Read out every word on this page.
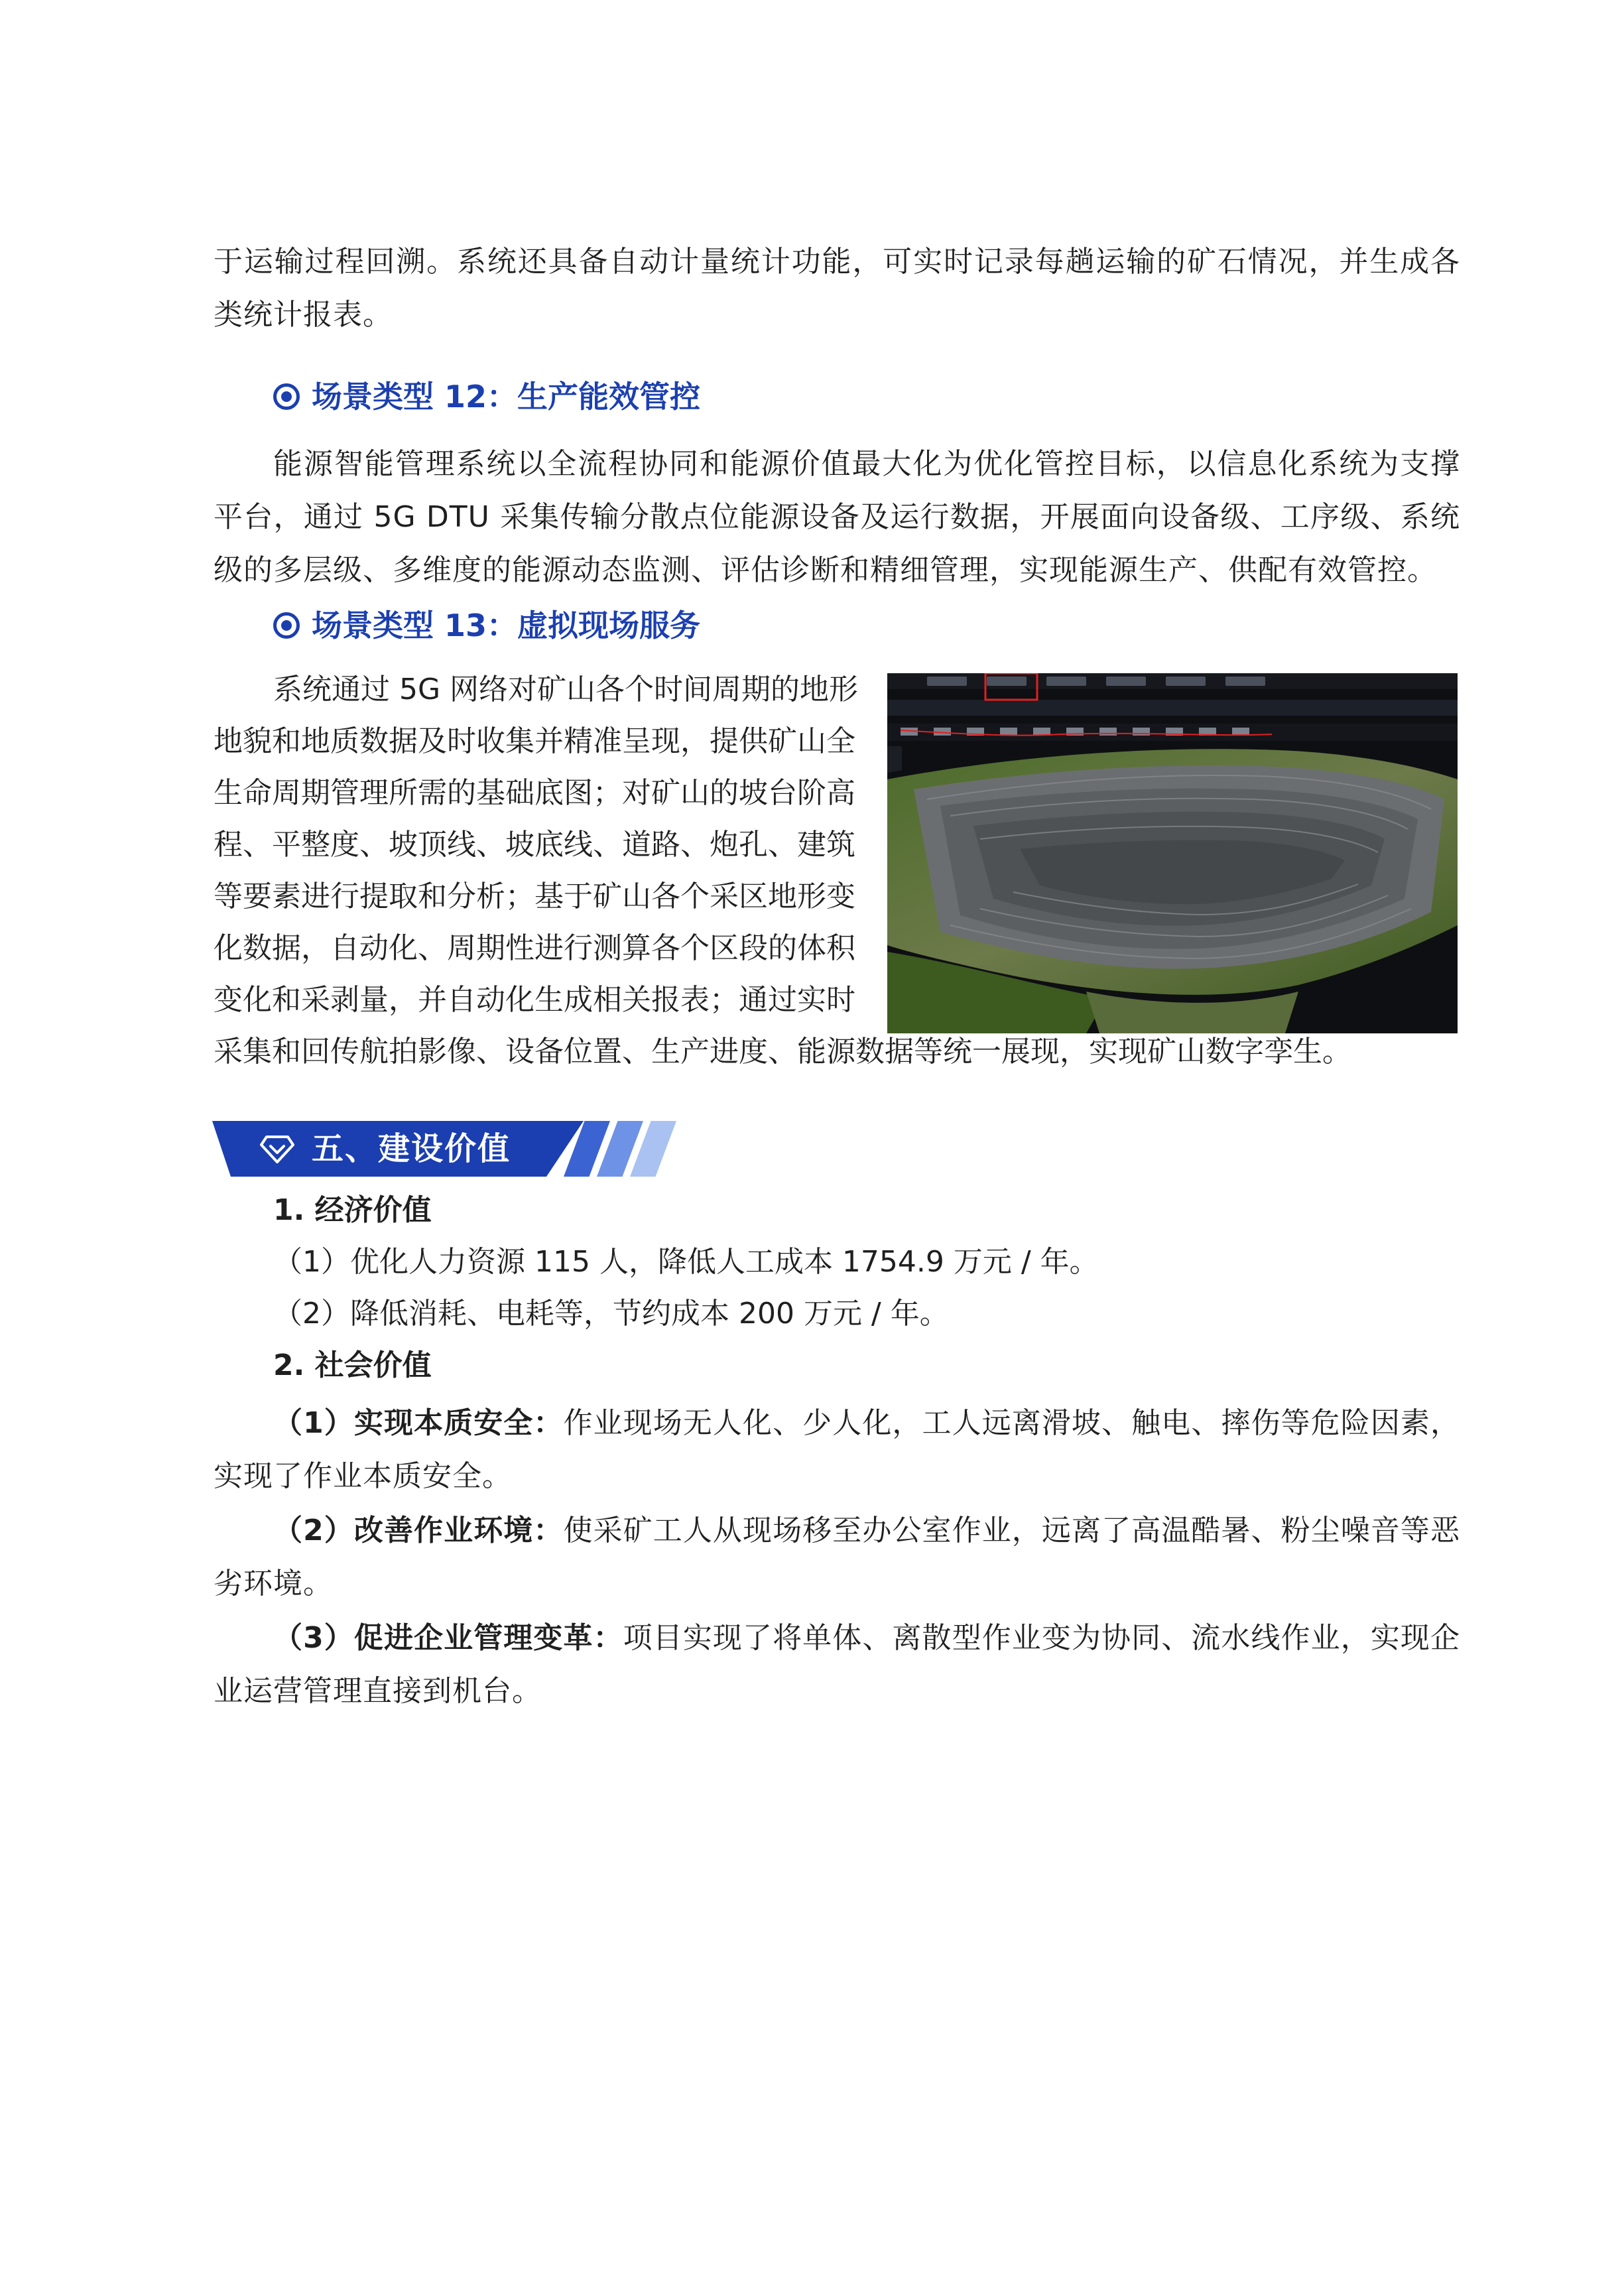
于运输过程回溯。系统还具备自动计量统计功能，可实时记录每趟运输的矿石情况，并生成各类统计报表。

场景类型 12：生产能效管控

能源智能管理系统以全流程协同和能源价值最大化为优化管控目标，以信息化系统为支撑平台，通过 5G DTU 采集传输分散点位能源设备及运行数据，开展面向设备级、工序级、系统级的多层级、多维度的能源动态监测、评估诊断和精细管理，实现能源生产、供配有效管控。

场景类型 13：虚拟现场服务

系统通过 5G 网络对矿山各个时间周期的地形

地貌和地质数据及时收集并精准呈现，提供矿山全

生命周期管理所需的基础底图；对矿山的坡台阶高

程、平整度、坡顶线、坡底线、道路、炮孔、建筑

等要素进行提取和分析；基于矿山各个采区地形变

化数据，自动化、周期性进行测算各个区段的体积

变化和采剥量，并自动化生成相关报表；通过实时

采集和回传航拍影像、设备位置、生产进度、能源数据等统一展现，实现矿山数字孪生。

五、建设价值

1. 经济价值

（1）优化人力资源 115 人，降低人工成本 1754.9 万元 / 年。

（2）降低消耗、电耗等，节约成本 200 万元 / 年。

2. 社会价值

（1）实现本质安全：作业现场无人化、少人化，工人远离滑坡、触电、摔伤等危险因素，实现了作业本质安全。

（2）改善作业环境：使采矿工人从现场移至办公室作业，远离了高温酷暑、粉尘噪音等恶劣环境。

（3）促进企业管理变革：项目实现了将单体、离散型作业变为协同、流水线作业，实现企业运营管理直接到机台。
